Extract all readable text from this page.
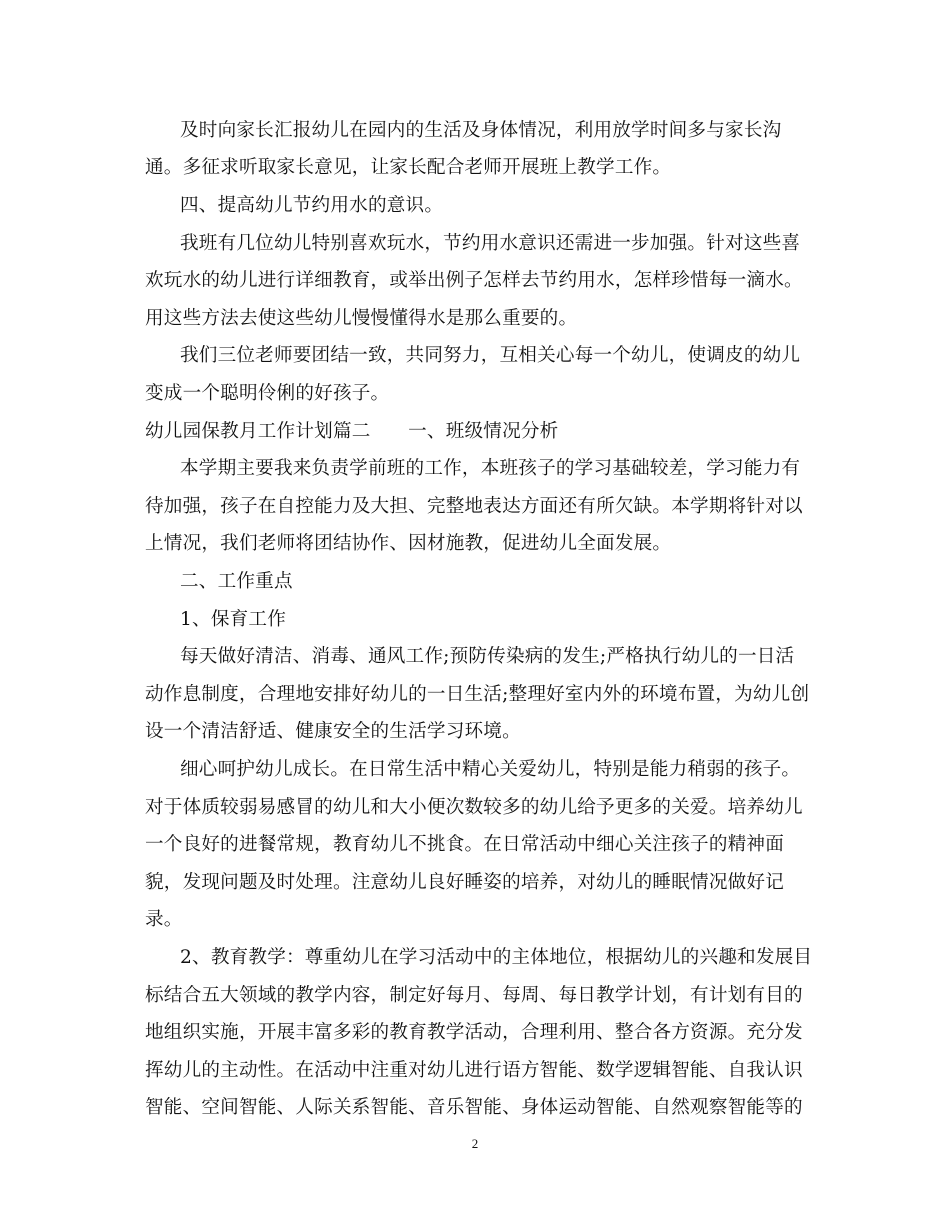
及时向家长汇报幼儿在园内的生活及身体情况，利用放学时间多与家长沟
通。多征求听取家长意见，让家长配合老师开展班上教学工作。
四、提高幼儿节约用水的意识。
我班有几位幼儿特别喜欢玩水，节约用水意识还需进一步加强。针对这些喜
欢玩水的幼儿进行详细教育，或举出例子怎样去节约用水，怎样珍惜每一滴水。
用这些方法去使这些幼儿慢慢懂得水是那么重要的。
我们三位老师要团结一致，共同努力，互相关心每一个幼儿，使调皮的幼儿
变成一个聪明伶俐的好孩子。
幼儿园保教月工作计划篇二　　一、班级情况分析
本学期主要我来负责学前班的工作，本班孩子的学习基础较差，学习能力有
待加强，孩子在自控能力及大担、完整地表达方面还有所欠缺。本学期将针对以
上情况，我们老师将团结协作、因材施教，促进幼儿全面发展。
二、工作重点
1、保育工作
每天做好清洁、消毒、通风工作;预防传染病的发生;严格执行幼儿的一日活
动作息制度，合理地安排好幼儿的一日生活;整理好室内外的环境布置，为幼儿创
设一个清洁舒适、健康安全的生活学习环境。
细心呵护幼儿成长。在日常生活中精心关爱幼儿，特别是能力稍弱的孩子。
对于体质较弱易感冒的幼儿和大小便次数较多的幼儿给予更多的关爱。培养幼儿
一个良好的进餐常规，教育幼儿不挑食。在日常活动中细心关注孩子的精神面
貌，发现问题及时处理。注意幼儿良好睡姿的培养，对幼儿的睡眠情况做好记
录。
2、教育教学：尊重幼儿在学习活动中的主体地位，根据幼儿的兴趣和发展目
标结合五大领域的教学内容，制定好每月、每周、每日教学计划，有计划有目的
地组织实施，开展丰富多彩的教育教学活动，合理利用、整合各方资源。充分发
挥幼儿的主动性。在活动中注重对幼儿进行语方智能、数学逻辑智能、自我认识
智能、空间智能、人际关系智能、音乐智能、身体运动智能、自然观察智能等的
2
